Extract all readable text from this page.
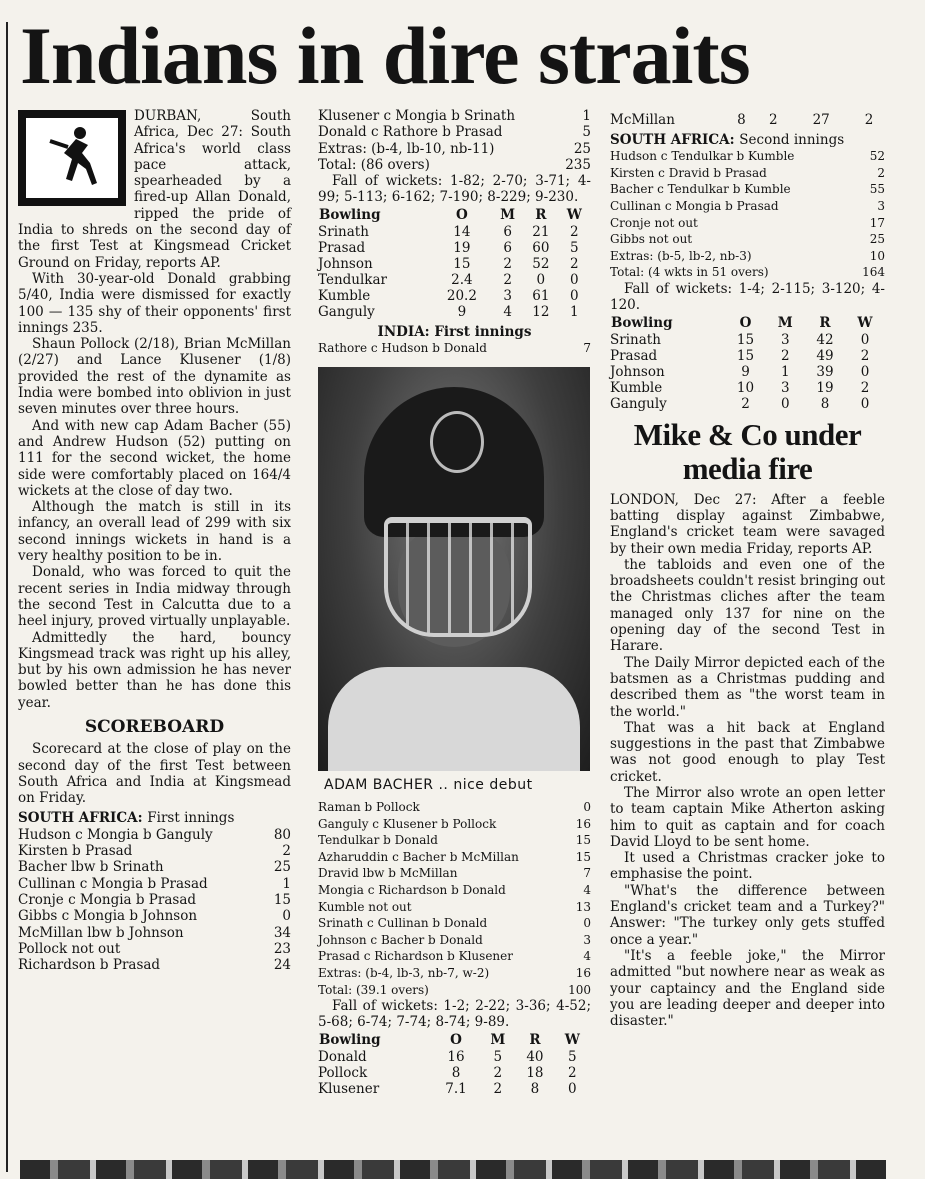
Indians in dire straits

DURBAN, South Africa, Dec 27: South Africa's world class pace attack, spearheaded by a fired-up Allan Donald, ripped the pride of India to shreds on the second day of the first Test at Kingsmead Cricket Ground on Friday, reports AP.

With 30-year-old Donald grabbing 5/40, India were dismissed for exactly 100 — 135 shy of their opponents' first innings 235.

Shaun Pollock (2/18), Brian McMillan (2/27) and Lance Klusener (1/8) provided the rest of the dynamite as India were bombed into oblivion in just seven minutes over three hours.

And with new cap Adam Bacher (55) and Andrew Hudson (52) putting on 111 for the second wicket, the home side were comfortably placed on 164/4 wickets at the close of day two.

Although the match is still in its infancy, an overall lead of 299 with six second innings wickets in hand is a very healthy position to be in.

Donald, who was forced to quit the recent series in India midway through the second Test in Calcutta due to a heel injury, proved virtually unplayable.

Admittedly the hard, bouncy Kingsmead track was right up his alley, but by his own admission he has never bowled better than he has done this year.

SCOREBOARD

Scorecard at the close of play on the second day of the first Test between South Africa and India at Kingsmead on Friday.

SOUTH AFRICA: First innings
Hudson c Mongia b Ganguly	80
Kirsten b Prasad	2
Bacher lbw b Srinath	25
Cullinan c Mongia b Prasad	1
Cronje c Mongia b Prasad	15
Gibbs c Mongia b Johnson	0
McMillan lbw b Johnson	34
Pollock not out	23
Richardson b Prasad	24
Klusener c Mongia b Srinath	1
Donald c Rathore b Prasad	5
Extras: (b-4, lb-10, nb-11)	25
Total: (86 overs)	235

Fall of wickets: 1-82; 2-70; 3-71; 4-99; 5-113; 6-162; 7-190; 8-229; 9-230.

Bowling	O	M	R	W
Srinath	14	6	21	2
Prasad	19	6	60	5
Johnson	15	2	52	2
Tendulkar	2.4	2	0	0
Kumble	20.2	3	61	0
Ganguly	9	4	12	1
INDIA: First innings
Rathore c Hudson b Donald	7
ADAM BACHER .. nice debut
Raman b Pollock	0
Ganguly c Klusener b Pollock	16
Tendulkar b Donald	15
Azharuddin c Bacher b McMillan	15
Dravid lbw b McMillan	7
Mongia c Richardson b Donald	4
Kumble not out	13
Srinath c Cullinan b Donald	0
Johnson c Bacher b Donald	3
Prasad c Richardson b Klusener	4
Extras: (b-4, lb-3, nb-7, w-2)	16
Total: (39.1 overs)	100

Fall of wickets: 1-2; 2-22; 3-36; 4-52; 5-68; 6-74; 7-74; 8-74; 9-89.

Bowling	O	M	R	W
Donald	16	5	40	5
Pollock	8	2	18	2
Klusener	7.1	2	8	0
McMillan	8	2	27	2
SOUTH AFRICA: Second innings
Hudson c Tendulkar b Kumble	52
Kirsten c Dravid b Prasad	2
Bacher c Tendulkar b Kumble	55
Cullinan c Mongia b Prasad	3
Cronje not out	17
Gibbs not out	25
Extras: (b-5, lb-2, nb-3)	10
Total: (4 wkts in 51 overs)	164

Fall of wickets: 1-4; 2-115; 3-120; 4-120.

Bowling	O	M	R	W
Srinath	15	3	42	0
Prasad	15	2	49	2
Johnson	9	1	39	0
Kumble	10	3	19	2
Ganguly	2	0	8	0
Mike & Co under media fire

LONDON, Dec 27: After a feeble batting display against Zimbabwe, England's cricket team were savaged by their own media Friday, reports AP.

the tabloids and even one of the broadsheets couldn't resist bringing out the Christmas cliches after the team managed only 137 for nine on the opening day of the second Test in Harare.

The Daily Mirror depicted each of the batsmen as a Christmas pudding and described them as "the worst team in the world."

That was a hit back at England suggestions in the past that Zimbabwe was not good enough to play Test cricket.

The Mirror also wrote an open letter to team captain Mike Atherton asking him to quit as captain and for coach David Lloyd to be sent home.

It used a Christmas cracker joke to emphasise the point.

"What's the difference between England's cricket team and a Turkey?" Answer: "The turkey only gets stuffed once a year."

"It's a feeble joke," the Mirror admitted "but nowhere near as weak as your captaincy and the England side you are leading deeper and deeper into disaster."
